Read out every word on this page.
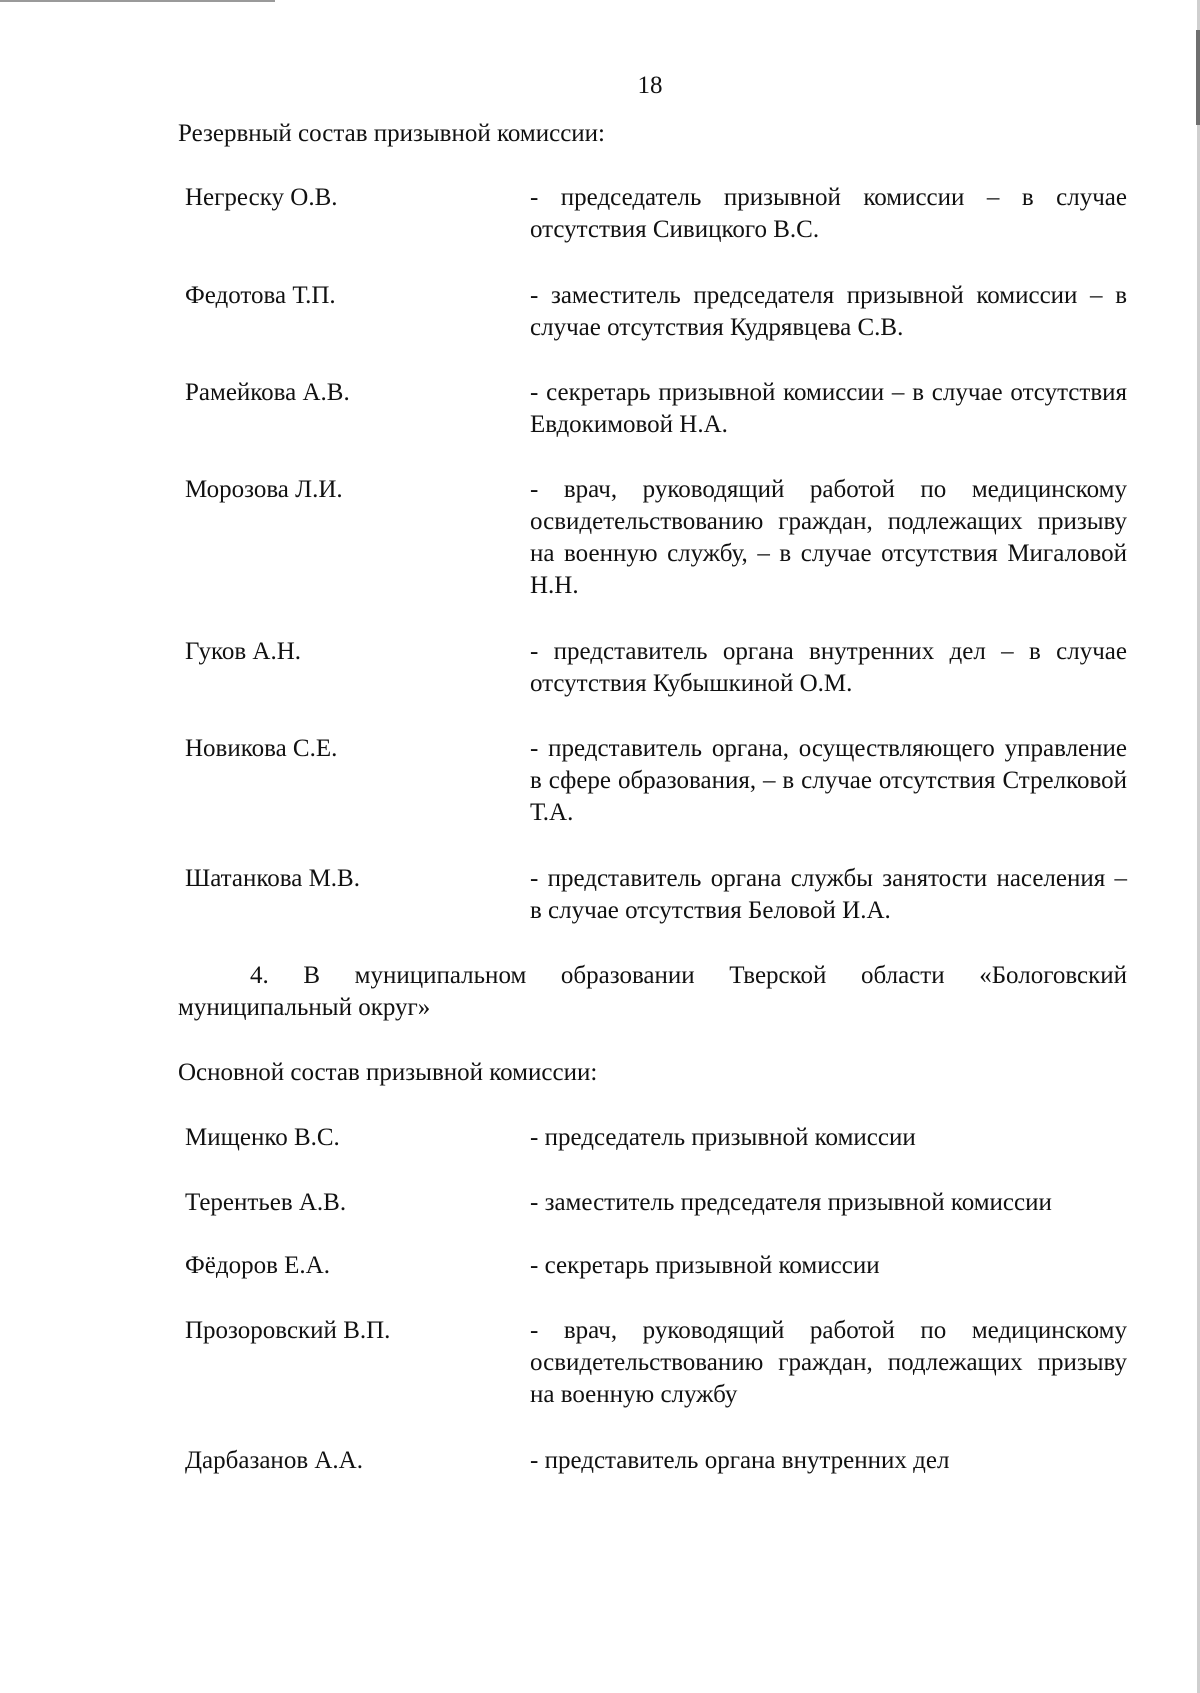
18
Резервный состав призывной комиссии:
Негреску О.В.	- председатель призывной комиссии – в случае отсутствия Сивицкого В.С.
Федотова Т.П.	- заместитель председателя призывной комиссии – в случае отсутствия Кудрявцева С.В.
Рамейкова А.В.	- секретарь призывной комиссии – в случае отсутствия Евдокимовой Н.А.
Морозова Л.И.	- врач, руководящий работой по медицинскому освидетельствованию граждан, подлежащих призыву на военную службу, – в случае отсутствия Мигаловой Н.Н.
Гуков А.Н.	- представитель органа внутренних дел – в случае отсутствия Кубышкиной О.М.
Новикова С.Е.	- представитель органа, осуществляющего управление в сфере образования, – в случае отсутствия Стрелковой Т.А.
Шатанкова М.В.	- представитель органа службы занятости населения – в случае отсутствия Беловой И.А.
4. В муниципальном образовании Тверской области «Бологовский муниципальный округ»
Основной состав призывной комиссии:
Мищенко В.С.	- председатель призывной комиссии
Терентьев А.В.	- заместитель председателя призывной комиссии
Фёдоров Е.А.	- секретарь призывной комиссии
Прозоровский В.П.	- врач, руководящий работой по медицинскому освидетельствованию граждан, подлежащих призыву на военную службу
Дарбазанов А.А.	- представитель органа внутренних дел
